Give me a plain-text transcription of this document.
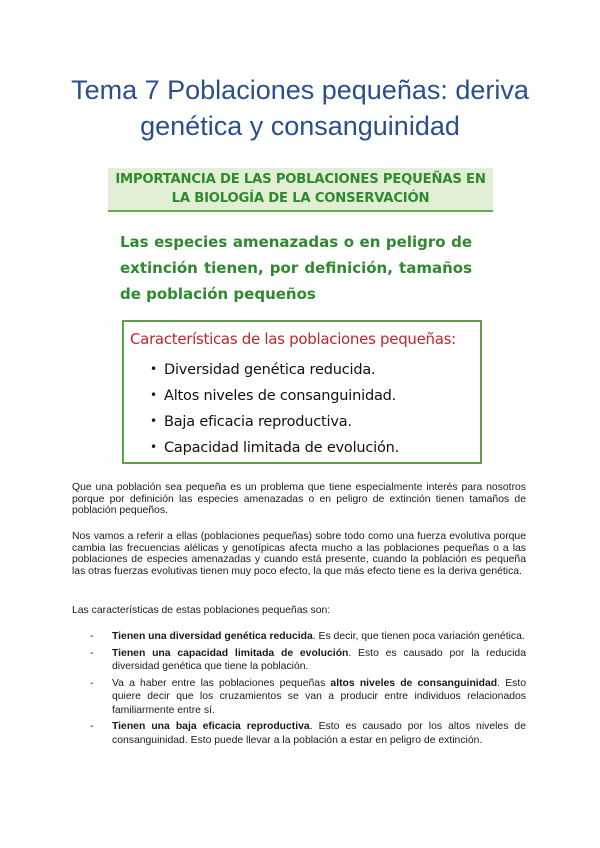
Tema 7 Poblaciones pequeñas: deriva genética y consanguinidad
IMPORTANCIA DE LAS POBLACIONES PEQUEÑAS EN LA BIOLOGÍA DE LA CONSERVACIÓN
Las especies amenazadas o en peligro de extinción tienen, por definición, tamaños de población pequeños
Características de las poblaciones pequeñas:
• Diversidad genética reducida.
• Altos niveles de consanguinidad.
• Baja eficacia reproductiva.
• Capacidad limitada de evolución.

Que una población sea pequeña es un problema que tiene especialmente interés para nosotros porque por definición las especies amenazadas o en peligro de extinción tienen tamaños de población pequeños.

Nos vamos a referir a ellas (poblaciones pequeñas) sobre todo como una fuerza evolutiva porque cambia las frecuencias alélicas y genotípicas afecta mucho a las poblaciones pequeñas o a las poblaciones de especies amenazadas y cuando está presente, cuando la población es pequeña las otras fuerzas evolutivas tienen muy poco efecto, la que más efecto tiene es la deriva genética.

Las características de estas poblaciones pequeñas son:

- Tienen una diversidad genética reducida. Es decir, que tienen poca variación genética.
- Tienen una capacidad limitada de evolución. Esto es causado por la reducida diversidad genética que tiene la población.
- Va a haber entre las poblaciones pequeñas altos niveles de consanguinidad. Esto quiere decir que los cruzamientos se van a producir entre individuos relacionados familiarmente entre sí.
- Tienen una baja eficacia reproductiva. Esto es causado por los altos niveles de consanguinidad. Esto puede llevar a la población a estar en peligro de extinción.
